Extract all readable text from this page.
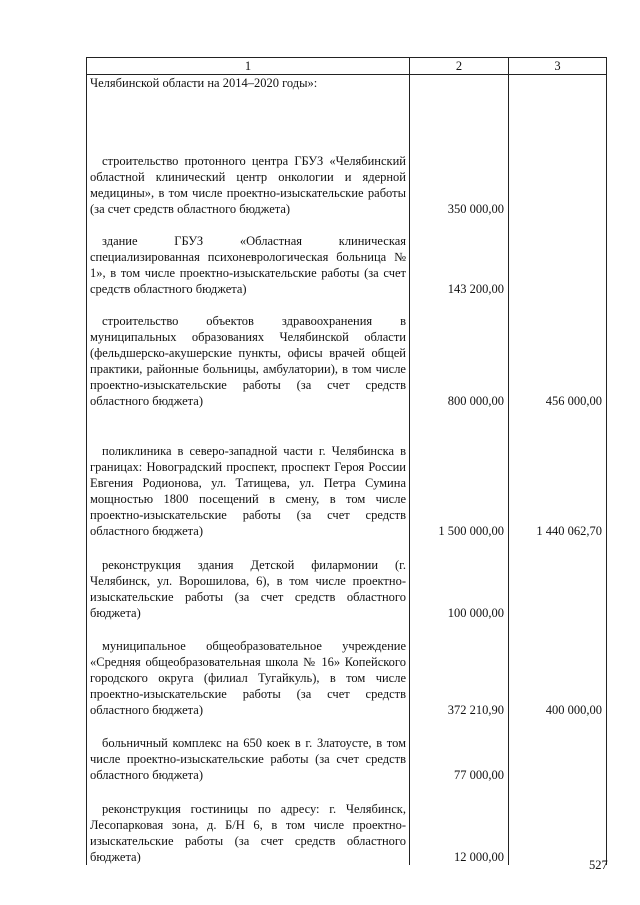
1	2	3
Челябинской области на 2014–2020 годы»:		
строительство протонного центра ГБУЗ «Челябинский областной клинический центр онкологии и ядерной медицины», в том числе проектно-изыскательские работы (за счет средств областного бюджета)	350 000,00	
здание ГБУЗ «Областная клиническая специализированная психоневрологическая больница № 1», в том числе проектно-изыскательские работы (за счет средств областного бюджета)	143 200,00	
строительство объектов здравоохранения в муниципальных образованиях Челябинской области (фельдшерско-акушерские пункты, офисы врачей общей практики, районные больницы, амбулатории), в том числе проектно-изыскательские работы (за счет средств областного бюджета)	800 000,00	456 000,00
поликлиника в северо-западной части г. Челябинска в границах: Новоградский проспект, проспект Героя России Евгения Родионова, ул. Татищева, ул. Петра Сумина мощностью 1800 посещений в смену, в том числе проектно-изыскательские работы (за счет средств областного бюджета)	1 500 000,00	1 440 062,70
реконструкция здания Детской филармонии (г. Челябинск, ул. Ворошилова, 6), в том числе проектно-изыскательские работы (за счет средств областного бюджета)	100 000,00	
муниципальное общеобразовательное учреждение «Средняя общеобразовательная школа № 16» Копейского городского округа (филиал Тугайкуль), в том числе проектно-изыскательские работы (за счет средств областного бюджета)	372 210,90	400 000,00
больничный комплекс на 650 коек в г. Златоусте, в том числе проектно-изыскательские работы (за счет средств областного бюджета)	77 000,00	
реконструкция гостиницы по адресу: г. Челябинск, Лесопарковая зона, д. Б/Н 6, в том числе проектно-изыскательские работы (за счет средств областного бюджета)	12 000,00	
527
